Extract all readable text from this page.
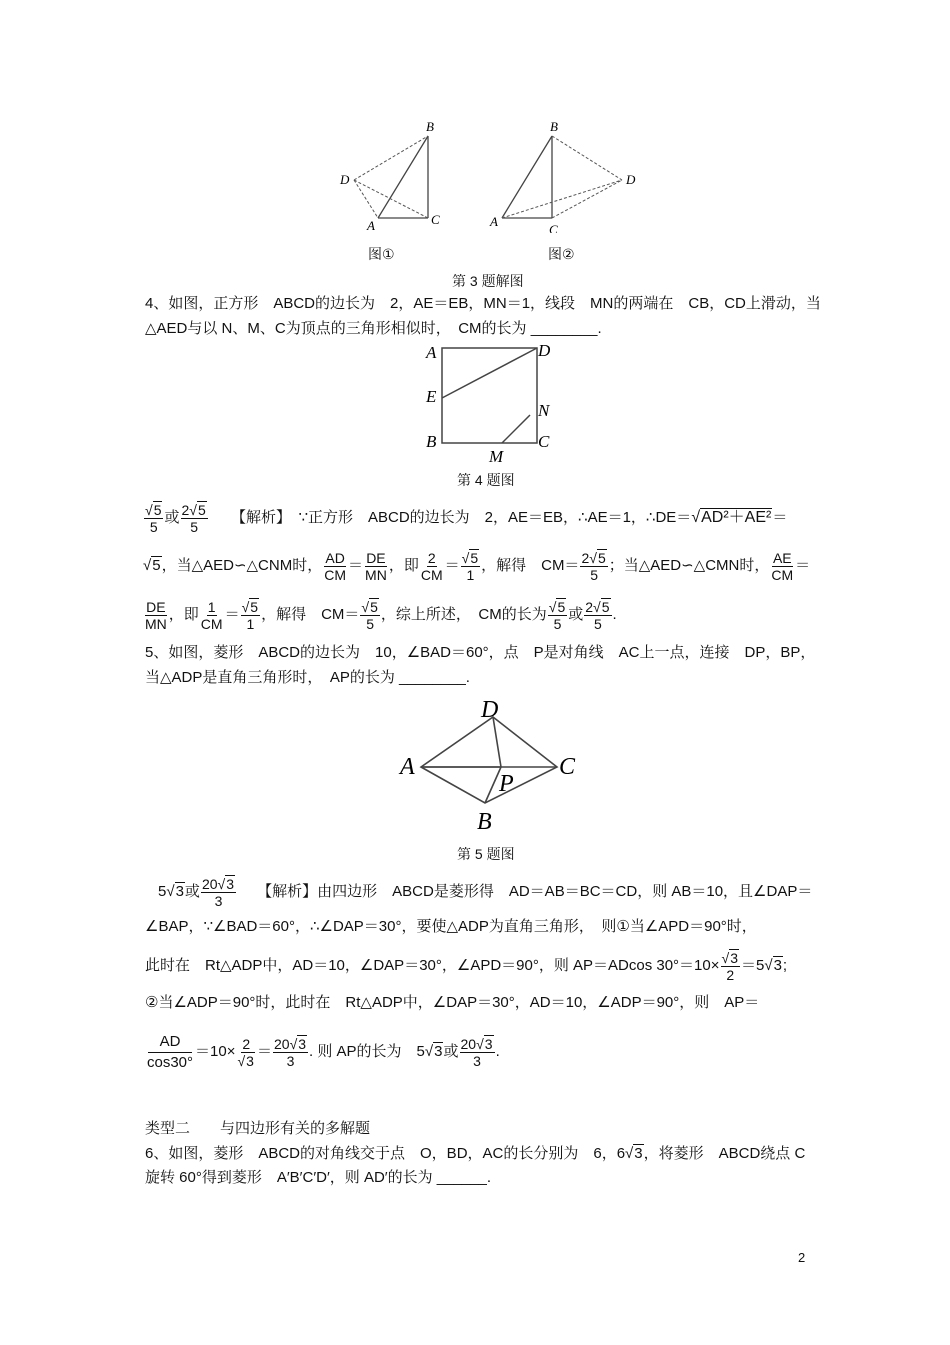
B
D
A	C
图①
B
D
A
C
图②
第 3 题解图
4、如图，正方形　ABCD的边长为　2，AE＝EB，MN＝1，线段　MN的两端在　CB，CD上滑动，当
△AED与以 N、M、C为顶点的三角形相似时，　CM的长为 ________.
A	D
E
N
B
M
C
第 4 题图
$\frac{√5}{5}$ 或 $\frac{2√5}{5}$ 【解析】　∵正方形　ABCD的边长为　2，AE＝EB，∴AE＝1，∴DE＝√AD²＋AE²＝
√5，当△AED∽△CNM时， $\frac{AD}{CM} = \frac{DE}{MN}$ ，即 $\frac{2}{CM} = \frac{√5}{1}$ ，解得　$CM= \frac{2√5}{5}$ ；当△AED∽△CMN时， $\frac{AE}{CM}$ ＝
$\frac{DE}{MN}$ ，即 $\frac{1}{CM} = \frac{√5}{1}$ ，解得　$CM= \frac{√5}{5}$ ，综上所述，　CM的长为 $\frac{√5}{5}$ 或 $\frac{2√5}{5}$ .
5、如图，菱形　ABCD的边长为　10，∠BAD＝60°，点　P是对角线　AC上一点，连接　DP，BP，
当△ADP是直角三角形时，　AP的长为 ________.
D
A
P
C
B
第 5 题图
5√3或 $\frac{20√3}{3}$ 【解析】由四边形　ABCD是菱形得　AD＝AB＝BC＝CD，则 AB＝10，且∠DAP＝
∠BAP，∵∠BAD＝60°，∴∠DAP＝30°，要使△ADP为直角三角形，　则①当∠APD＝90°时，
此时在　Rt△ADP中，AD＝10，∠DAP＝30°，∠APD＝90°，则 AP＝ADcos $30^\circ=10\times \frac{√3}{2} =5√3$;
②当∠ADP＝90°时，此时在　Rt△ADP中，∠DAP＝30°，AD＝10，∠ADP＝90°，则　AP＝
$\frac{AD}{\cos 30^\circ} =10\times \frac{2}{√3} = \frac{20√3}{3}$ . 则 AP的长为　5√3或 $\frac{20√3}{3}$ .
类型二　　与四边形有关的多解题
6、如图，菱形　ABCD的对角线交于点　O，BD，AC的长分别为　6，6√3，将菱形　ABCD绕点 C
旋转 60°得到菱形　A′B′C′D′，则 AD′的长为 ______.
2
